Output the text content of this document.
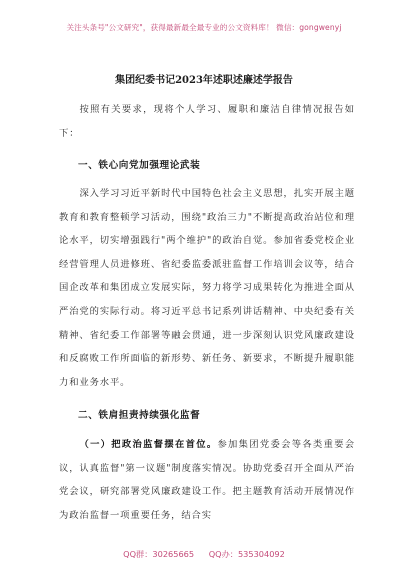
关注头条号"公文研究"，获得最新最全最专业的公文资料库！ 微信：gongwenyj
集团纪委书记2023年述职述廉述学报告
按照有关要求，现将个人学习、履职和廉洁自律情况报告如下：
一、铁心向党加强理论武装
深入学习习近平新时代中国特色社会主义思想，扎实开展主题教育和教育整顿学习活动，围绕"政治三力"不断提高政治站位和理论水平，切实增强践行"两个维护"的政治自觉。参加省委党校企业经营管理人员进修班、省纪委监委派驻监督工作培训会议等，结合国企改革和集团成立发展实际，努力将学习成果转化为推进全面从严治党的实际行动。将习近平总书记系列讲话精神、中央纪委有关精神、省纪委工作部署等融会贯通，进一步深刻认识党风廉政建设和反腐败工作所面临的新形势、新任务、新要求，不断提升履职能力和业务水平。
二、铁肩担责持续强化监督
（一）把政治监督摆在首位。参加集团党委会等各类重要会议，认真监督"第一议题"制度落实情况。协助党委召开全面从严治党会议，研究部署党风廉政建设工作。把主题教育活动开展情况作为政治监督一项重要任务，结合实
QQ群：30265665 QQ办：535304092
